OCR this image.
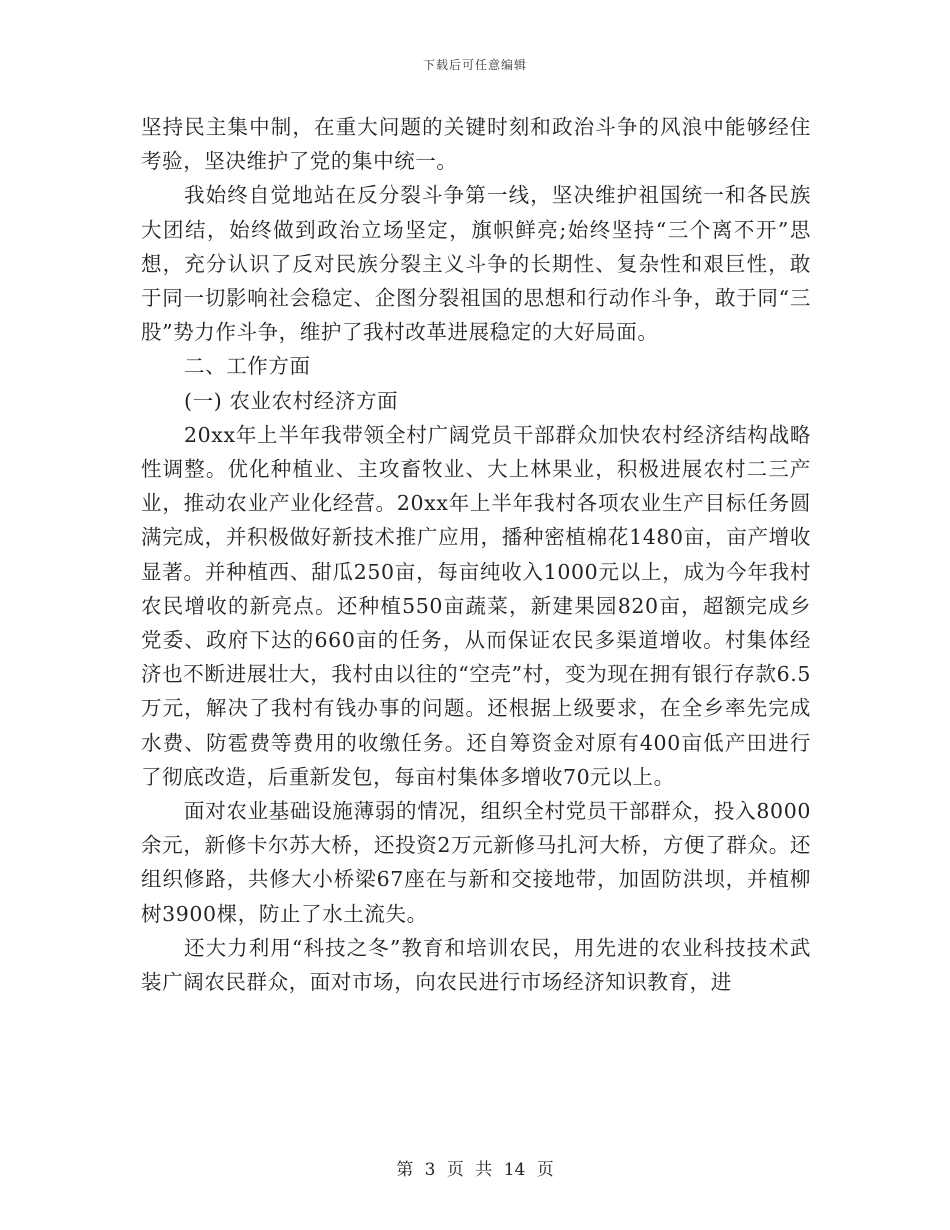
下载后可任意编辑

坚持民主集中制，在重大问题的关键时刻和政治斗争的风浪中能够经住考验，坚决维护了党的集中统一。

我始终自觉地站在反分裂斗争第一线，坚决维护祖国统一和各民族大团结，始终做到政治立场坚定，旗帜鲜亮;始终坚持“三个离不开”思想，充分认识了反对民族分裂主义斗争的长期性、复杂性和艰巨性，敢于同一切影响社会稳定、企图分裂祖国的思想和行动作斗争，敢于同“三股”势力作斗争，维护了我村改革进展稳定的大好局面。

二、工作方面

(一) 农业农村经济方面

20xx年上半年我带领全村广阔党员干部群众加快农村经济结构战略性调整。优化种植业、主攻畜牧业、大上林果业，积极进展农村二三产业，推动农业产业化经营。20xx年上半年我村各项农业生产目标任务圆满完成，并积极做好新技术推广应用，播种密植棉花1480亩，亩产增收显著。并种植西、甜瓜250亩，每亩纯收入1000元以上，成为今年我村农民增收的新亮点。还种植550亩蔬菜，新建果园820亩，超额完成乡党委、政府下达的660亩的任务，从而保证农民多渠道增收。村集体经济也不断进展壮大，我村由以往的“空壳”村，变为现在拥有银行存款6.5万元，解决了我村有钱办事的问题。还根据上级要求，在全乡率先完成水费、防雹费等费用的收缴任务。还自筹资金对原有400亩低产田进行了彻底改造，后重新发包，每亩村集体多增收70元以上。

面对农业基础设施薄弱的情况，组织全村党员干部群众，投入8000余元，新修卡尔苏大桥，还投资2万元新修马扎河大桥，方便了群众。还组织修路，共修大小桥梁67座在与新和交接地带，加固防洪坝，并植柳树3900棵，防止了水土流失。

还大力利用“科技之冬”教育和培训农民，用先进的农业科技技术武装广阔农民群众，面对市场，向农民进行市场经济知识教育，进

第 3 页 共 14 页
